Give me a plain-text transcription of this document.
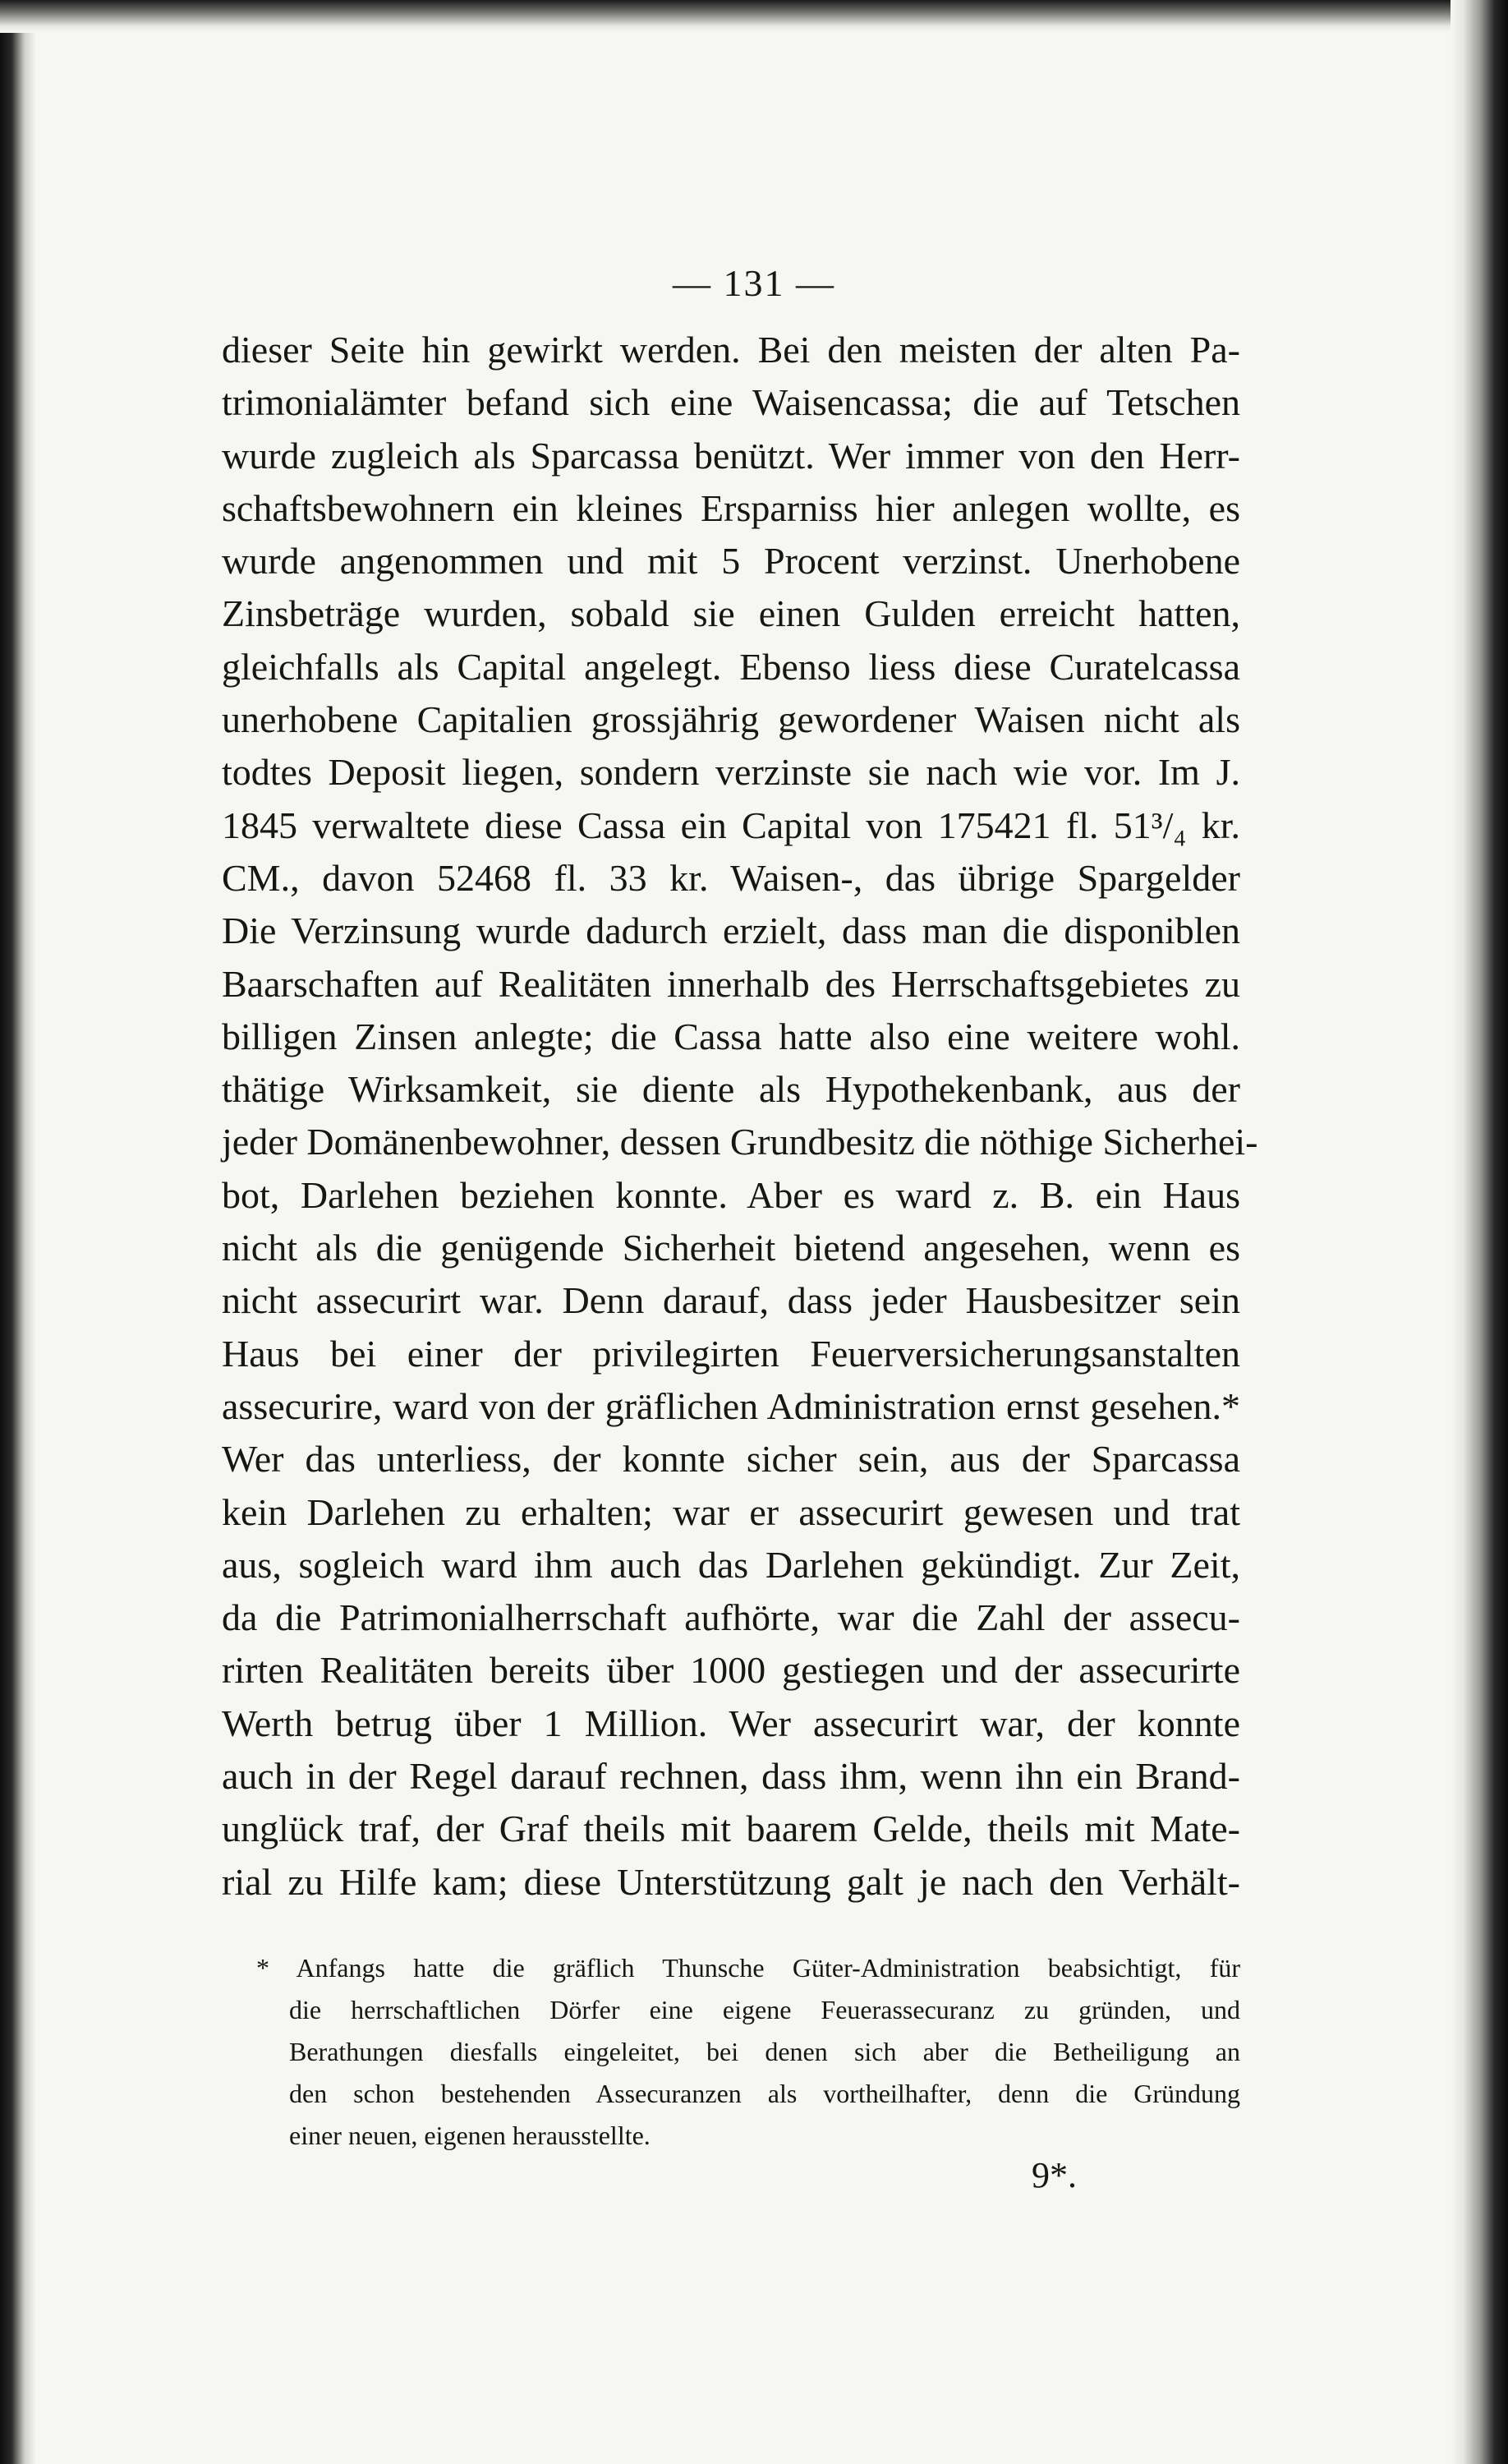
— 131 —
dieser Seite hin gewirkt werden. Bei den meisten der alten Pa-
trimonialämter befand sich eine Waisencassa; die auf Tetschen
wurde zugleich als Sparcassa benützt. Wer immer von den Herr-
schaftsbewohnern ein kleines Ersparniss hier anlegen wollte, es
wurde angenommen und mit 5 Procent verzinst. Unerhobene
Zinsbeträge wurden, sobald sie einen Gulden erreicht hatten,
gleichfalls als Capital angelegt. Ebenso liess diese Curatelcassa
unerhobene Capitalien grossjährig gewordener Waisen nicht als
todtes Deposit liegen, sondern verzinste sie nach wie vor. Im J.
1845 verwaltete diese Cassa ein Capital von 175421 fl. 51³/₄ kr.
CM., davon 52468 fl. 33 kr. Waisen-, das übrige Spargelder
Die Verzinsung wurde dadurch erzielt, dass man die disponiblen
Baarschaften auf Realitäten innerhalb des Herrschaftsgebietes zu
billigen Zinsen anlegte; die Cassa hatte also eine weitere wohl.
thätige Wirksamkeit, sie diente als Hypothekenbank, aus der
jeder Domänenbewohner, dessen Grundbesitz die nöthige Sicherhei-
bot, Darlehen beziehen konnte. Aber es ward z. B. ein Haus
nicht als die genügende Sicherheit bietend angesehen, wenn es
nicht assecurirt war. Denn darauf, dass jeder Hausbesitzer sein
Haus bei einer der privilegirten Feuerversicherungsanstalten
assecurire, ward von der gräflichen Administration ernst gesehen.*
Wer das unterliess, der konnte sicher sein, aus der Sparcassa
kein Darlehen zu erhalten; war er assecurirt gewesen und trat
aus, sogleich ward ihm auch das Darlehen gekündigt. Zur Zeit,
da die Patrimonialherrschaft aufhörte, war die Zahl der assecu-
rirten Realitäten bereits über 1000 gestiegen und der assecurirte
Werth betrug über 1 Million. Wer assecurirt war, der konnte
auch in der Regel darauf rechnen, dass ihm, wenn ihn ein Brand-
unglück traf, der Graf theils mit baarem Gelde, theils mit Mate-
rial zu Hilfe kam; diese Unterstützung galt je nach den Verhält-
* Anfangs hatte die gräflich Thunsche Güter-Administration beabsichtigt, für
die herrschaftlichen Dörfer eine eigene Feuerassecuranz zu gründen, und
Berathungen diesfalls eingeleitet, bei denen sich aber die Betheiligung an
den schon bestehenden Assecuranzen als vortheilhafter, denn die Gründung
einer neuen, eigenen herausstellte.
9*.
